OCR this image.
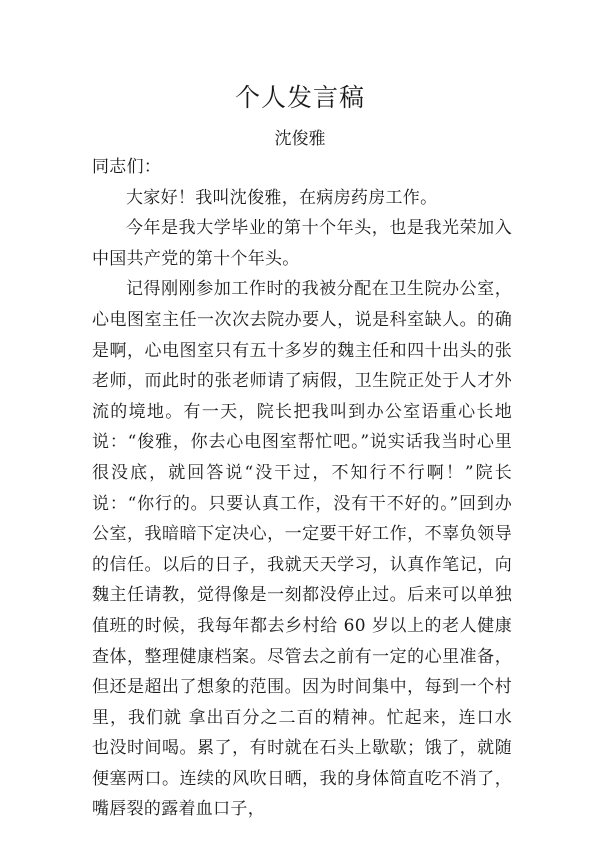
个人发言稿
沈俊雅

同志们：

大家好！我叫沈俊雅，在病房药房工作。

今年是我大学毕业的第十个年头，也是我光荣加入中国共产党的第十个年头。

记得刚刚参加工作时的我被分配在卫生院办公室，心电图室主任一次次去院办要人，说是科室缺人。的确是啊，心电图室只有五十多岁的魏主任和四十出头的张老师，而此时的张老师请了病假，卫生院正处于人才外流的境地。有一天，院长把我叫到办公室语重心长地说：“俊雅，你去心电图室帮忙吧。”说实话我当时心里很没底，就回答说“没干过，不知行不行啊！”院长说：“你行的。只要认真工作，没有干不好的。”回到办公室，我暗暗下定决心，一定要干好工作，不辜负领导的信任。以后的日子，我就天天学习，认真作笔记，向魏主任请教，觉得像是一刻都没停止过。后来可以单独值班的时候，我每年都去乡村给 60 岁以上的老人健康查体，整理健康档案。尽管去之前有一定的心里准备，但还是超出了想象的范围。因为时间集中，每到一个村里，我们就 拿出百分之二百的精神。忙起来，连口水也没时间喝。累了，有时就在石头上歇歇；饿了，就随便塞两口。连续的风吹日晒，我的身体简直吃不消了，嘴唇裂的露着血口子，
